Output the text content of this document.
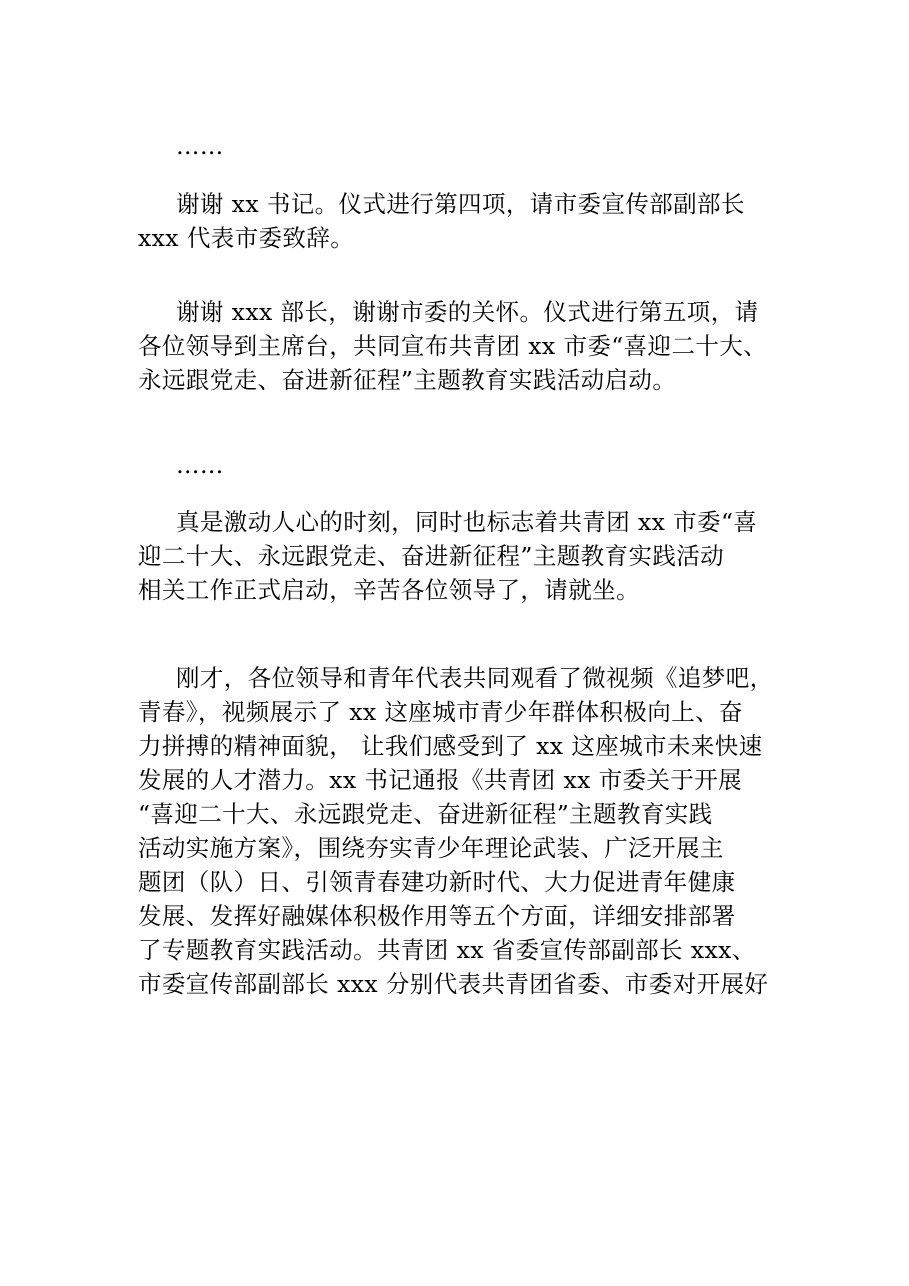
……
谢谢 xx 书记。仪式进行第四项，请市委宣传部副部长
xxx 代表市委致辞。
谢谢 xxx 部长，谢谢市委的关怀。仪式进行第五项，请
各位领导到主席台，共同宣布共青团 xx 市委“喜迎二十大、
永远跟党走、奋进新征程”主题教育实践活动启动。
……
真是激动人心的时刻，同时也标志着共青团 xx 市委“喜
迎二十大、永远跟党走、奋进新征程”主题教育实践活动
相关工作正式启动，辛苦各位领导了，请就坐。
刚才，各位领导和青年代表共同观看了微视频《追梦吧，
青春》，视频展示了 xx 这座城市青少年群体积极向上、奋
力拼搏的精神面貌， 让我们感受到了 xx 这座城市未来快速
发展的人才潜力。xx 书记通报《共青团 xx 市委关于开展
“喜迎二十大、永远跟党走、奋进新征程”主题教育实践
活动实施方案》，围绕夯实青少年理论武装、广泛开展主
题团（队）日、引领青春建功新时代、大力促进青年健康
发展、发挥好融媒体积极作用等五个方面，详细安排部署
了专题教育实践活动。共青团 xx 省委宣传部副部长 xxx、
市委宣传部副部长 xxx 分别代表共青团省委、市委对开展好
